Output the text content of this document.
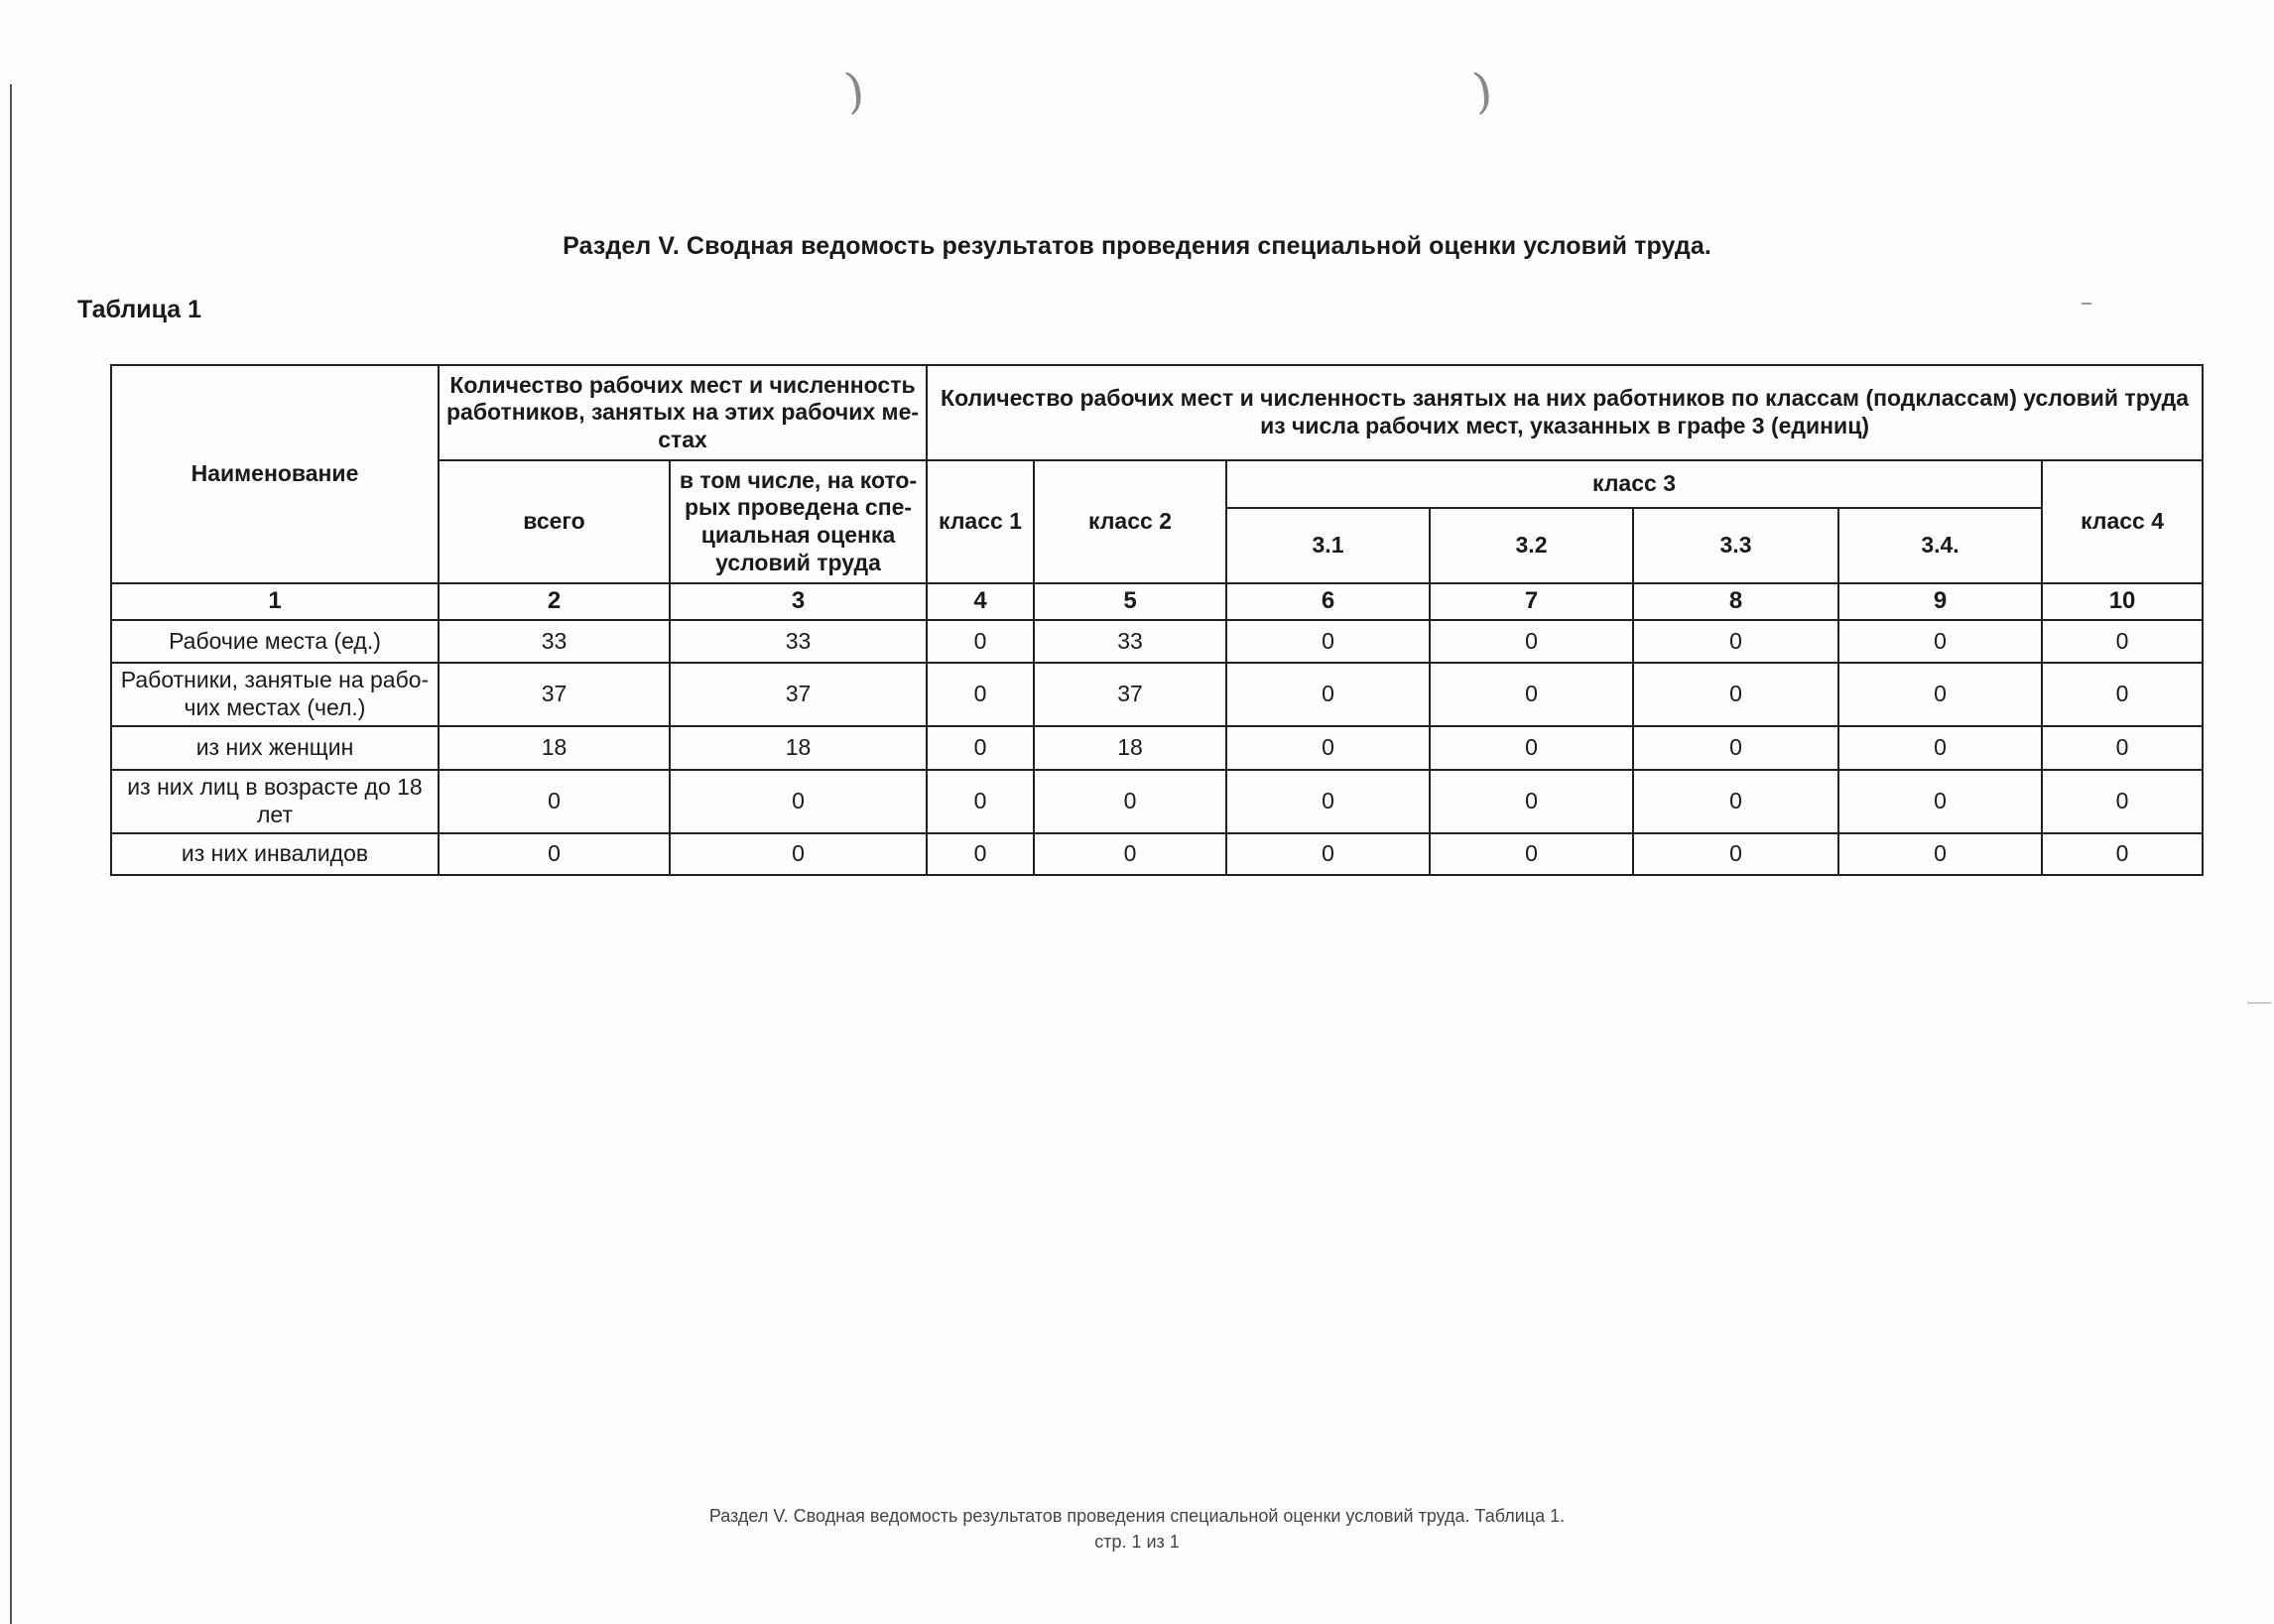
)	)
Раздел V. Сводная ведомость результатов проведения специальной оценки условий труда.
Таблица 1
Наименование	Количество рабочих мест и численность работников, занятых на этих рабочих ме-стах		Количество рабочих мест и численность занятых на них работников по классам (подклассам) условий труда из числа рабочих мест, указанных в графе 3 (единиц)						
	всего	в том числе, на кото-рых проведена спе-циальная оценка условий труда	класс 1	класс 2	класс 3				класс 4
					3.1	3.2	3.3	3.4.	
1	2	3	4	5	6	7	8	9	10
Рабочие места (ед.)	33	33	0	33	0	0	0	0	0
Работники, занятые на рабо-чих местах (чел.)	37	37	0	37	0	0	0	0	0
из них женщин	18	18	0	18	0	0	0	0	0
из них лиц в возрасте до 18 лет	0	0	0	0	0	0	0	0	0
из них инвалидов	0	0	0	0	0	0	0	0	0
Раздел V. Сводная ведомость результатов проведения специальной оценки условий труда. Таблица 1.
стр. 1 из 1
